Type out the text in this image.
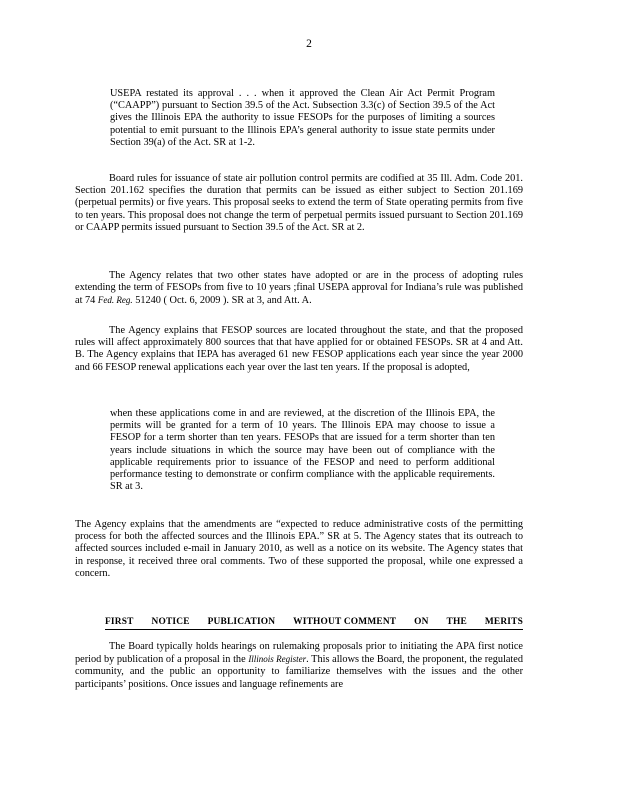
2

USEPA restated its approval . . . when it approved the Clean Air Act Permit Program (“CAAPP”) pursuant to Section 39.5 of the Act. Subsection 3.3(c) of Section 39.5 of the Act gives the Illinois EPA the authority to issue FESOPs for the purposes of limiting a sources potential to emit pursuant to the Illinois EPA’s general authority to issue state permits under Section 39(a) of the Act. SR at 1-2.

Board rules for issuance of state air pollution control permits are codified at 35 Ill. Adm. Code 201. Section 201.162 specifies the duration that permits can be issued as either subject to Section 201.169 (perpetual permits) or five years. This proposal seeks to extend the term of State operating permits from five to ten years. This proposal does not change the term of perpetual permits issued pursuant to Section 201.169 or CAAPP permits issued pursuant to Section 39.5 of the Act. SR at 2.

The Agency relates that two other states have adopted or are in the process of adopting rules extending the term of FESOPs from five to 10 years ;final USEPA approval for Indiana’s rule was published at 74 Fed. Reg. 51240 ( Oct. 6, 2009 ). SR at 3, and Att. A.

The Agency explains that FESOP sources are located throughout the state, and that the proposed rules will affect approximately 800 sources that that have applied for or obtained FESOPs. SR at 4 and Att. B. The Agency explains that IEPA has averaged 61 new FESOP applications each year since the year 2000 and 66 FESOP renewal applications each year over the last ten years. If the proposal is adopted,

when these applications come in and are reviewed, at the discretion of the Illinois EPA, the permits will be granted for a term of 10 years. The Illinois EPA may choose to issue a FESOP for a term shorter than ten years. FESOPs that are issued for a term shorter than ten years include situations in which the source may have been out of compliance with the applicable requirements prior to issuance of the FESOP and need to perform additional performance testing to demonstrate or confirm compliance with the applicable requirements. SR at 3.

The Agency explains that the amendments are “expected to reduce administrative costs of the permitting process for both the affected sources and the Illinois EPA.” SR at 5. The Agency states that its outreach to affected sources included e-mail in January 2010, as well as a notice on its website. The Agency states that in response, it received three oral comments. Two of these supported the proposal, while one expressed a concern.

FIRST NOTICE PUBLICATION WITHOUT COMMENT ON THE MERITS

The Board typically holds hearings on rulemaking proposals prior to initiating the APA first notice period by publication of a proposal in the Illinois Register. This allows the Board, the proponent, the regulated community, and the public an opportunity to familiarize themselves with the issues and the other participants’ positions. Once issues and language refinements are
